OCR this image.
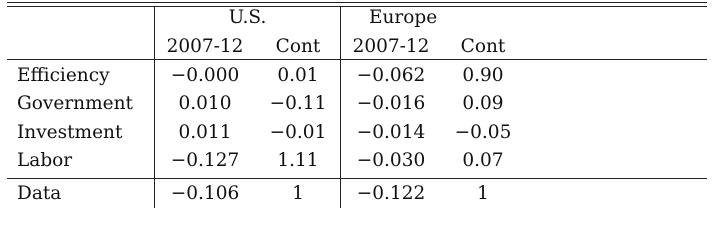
U.S.	Europe
2007-12	Cont	2007-12	Cont
Efficiency	−0.000	0.01	−0.062	0.90
Government	0.010	−0.11	−0.016	0.09
Investment	0.011	−0.01	−0.014	−0.05
Labor	−0.127	1.11	−0.030	0.07
Data	−0.106	1	−0.122	1
